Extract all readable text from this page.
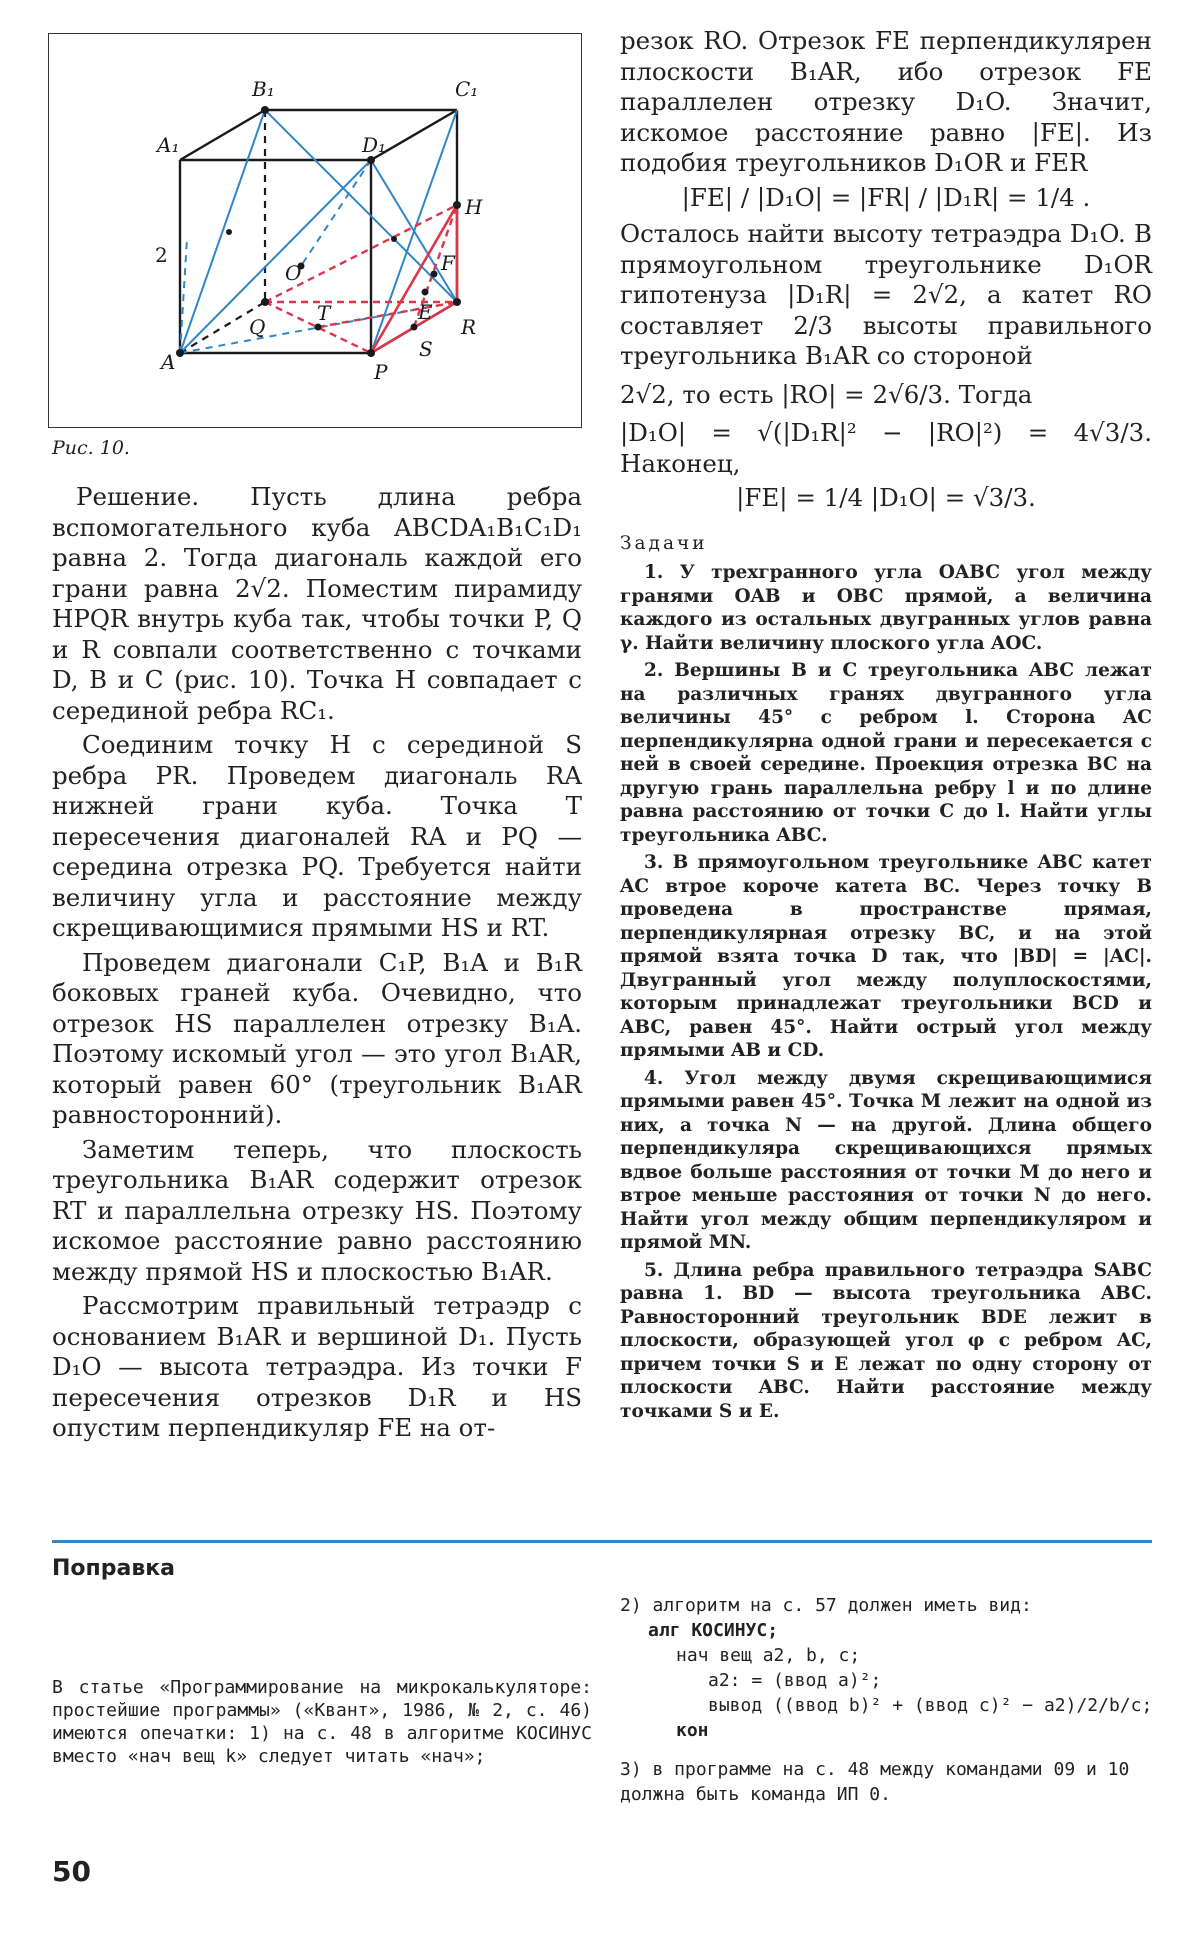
B₁	C₁
A₁	D₁
H
2
O	F
Q
T	E
R
A	P
S
Рис. 10.

Решение. Пусть длина ребра вспомогательного куба ABCDA₁B₁C₁D₁ равна 2. Тогда диагональ каждой его грани равна 2√2. Поместим пирамиду HPQR внутрь куба так, чтобы точки P, Q и R совпали соответственно с точками D, B и C (рис. 10). Точка H совпадает с серединой ребра RC₁.

Соединим точку H с серединой S ребра PR. Проведем диагональ RA нижней грани куба. Точка T пересечения диагоналей RA и PQ — середина отрезка PQ. Требуется найти величину угла и расстояние между скрещивающимися прямыми HS и RT.

Проведем диагонали C₁P, B₁A и B₁R боковых граней куба. Очевидно, что отрезок HS параллелен отрезку B₁A. Поэтому искомый угол — это угол B₁AR, который равен 60° (треугольник B₁AR равносторонний).

Заметим теперь, что плоскость треугольника B₁AR содержит отрезок RT и параллельна отрезку HS. Поэтому искомое расстояние равно расстоянию между прямой HS и плоскостью B₁AR.

Рассмотрим правильный тетраэдр с основанием B₁AR и вершиной D₁. Пусть D₁O — высота тетраэдра. Из точки F пересечения отрезков D₁R и HS опустим перпендикуляр FE на от-

резок RO. Отрезок FE перпендикулярен плоскости B₁AR, ибо отрезок FE параллелен отрезку D₁O. Значит, искомое расстояние равно |FE|. Из подобия треугольников D₁OR и FER

|FE| / |D₁O| = |FR| / |D₁R| = 1/4 .

Осталось найти высоту тетраэдра D₁O. В прямоугольном треугольнике D₁OR гипотенуза |D₁R| = 2√2, а катет RO составляет 2/3 высоты правильного треугольника B₁AR со стороной

2√2, то есть |RO| = 2√6/3. Тогда

|D₁O| = √(|D₁R|² − |RO|²) = 4√3/3. Наконец,

|FE| = 1/4 |D₁O| = √3/3.
Задачи

1. У трехгранного угла OABC угол между гранями OAB и OBC прямой, а величина каждого из остальных двугранных углов равна γ. Найти величину плоского угла AOC.

2. Вершины B и C треугольника ABC лежат на различных гранях двугранного угла величины 45° с ребром l. Сторона AC перпендикулярна одной грани и пересекается с ней в своей середине. Проекция отрезка BC на другую грань параллельна ребру l и по длине равна расстоянию от точки C до l. Найти углы треугольника ABC.

3. В прямоугольном треугольнике ABC катет AC втрое короче катета BC. Через точку B проведена в пространстве прямая, перпендикулярная отрезку BC, и на этой прямой взята точка D так, что |BD| = |AC|. Двугранный угол между полуплоскостями, которым принадлежат треугольники BCD и ABC, равен 45°. Найти острый угол между прямыми AB и CD.

4. Угол между двумя скрещивающимися прямыми равен 45°. Точка M лежит на одной из них, а точка N — на другой. Длина общего перпендикуляра скрещивающихся прямых вдвое больше расстояния от точки M до него и втрое меньше расстояния от точки N до него. Найти угол между общим перпендикуляром и прямой MN.

5. Длина ребра правильного тетраэдра SABC равна 1. BD — высота треугольника ABC. Равносторонний треугольник BDE лежит в плоскости, образующей угол φ с ребром AC, причем точки S и E лежат по одну сторону от плоскости ABC. Найти расстояние между точками S и E.

Поправка

В статье «Программирование на микрокалькуляторе: простейшие программы» («Квант», 1986, № 2, с. 46) имеются опечатки: 1) на с. 48 в алгоритме КОСИНУС вместо «нач вещ k» следует читать «нач»;

2) алгоритм на с. 57 должен иметь вид:

алг КОСИНУС;
нач вещ a2, b, c;
a2: = (ввод a)²;
вывод ((ввод b)² + (ввод c)² − a2)/2/b/c;
кон

3) в программе на с. 48 между командами 09 и 10 должна быть команда ИП 0.

50
